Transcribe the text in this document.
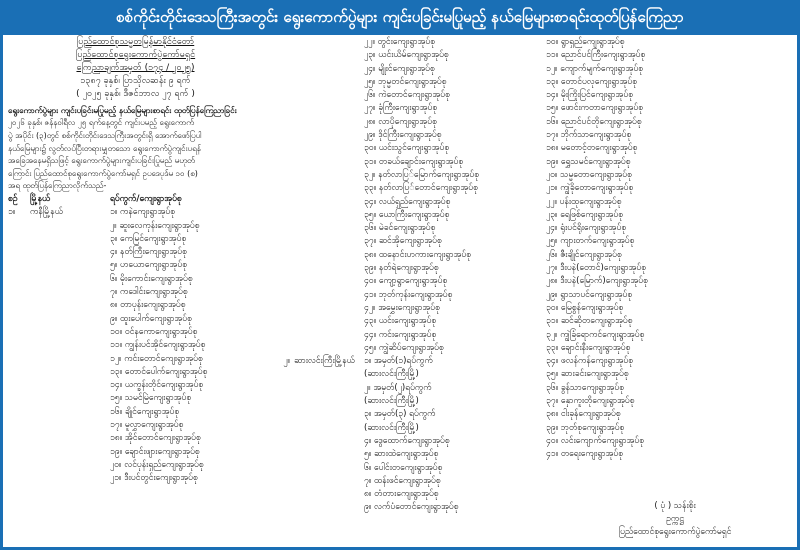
စစ်ကိုင်းတိုင်းဒေသကြီးအတွင်း ရွေးကောက်ပွဲများ ကျင်းပခြင်းမပြုမည့် နယ်မြေများစာရင်းထုတ်ပြန်ကြေညာ
ပြည်ထောင်စုသမ္မတမြန်မာနိုင်ငံတော်
ပြည်ထောင်စုရွေးကောက်ပွဲကော်မရှင်
ကြေညာချက်အမှတ် (၁၇၄ / ၂၀၂၅)
၁၃၈၇ ခုနှစ်၊ ပြာသိုလဆန်း ၉ ရက်
( ၂၀၂၅ ခုနှစ်၊ ဒီဇင်ဘာလ ၂၇ ရက် )
ရွေးကောက်ပွဲများ ကျင်းပခြင်းမပြုမည့် နယ်မြေများစာရင်း ထုတ်ပြန်ကြေညာခြင်း
၂၀၂၆ ခုနှစ်၊ ဇန်နဝါရီလ ၂၅ ရက်နေ့တွင် ကျင်းပမည့် ရွေးကောက်
ပွဲ အပိုင်း (၃)တွင် စစ်ကိုင်းတိုင်းဒေသကြီးအတွင်းရှိ အောက်ဖော်ပြပါ
နယ်မြေများ၌ လွတ်လပ်ပြီးတရားမျှတသော ရွေးကောက်ပွဲကျင်းပရန်
အခြေအနေမရှိသဖြင့် ရွေးကောက်ပွဲများကျင်းပခြင်းပြုမည် မဟုတ်
ကြောင်း ပြည်ထောင်စုရွေးကောက်ပွဲကော်မရှင် ဥပဒေပုဒ်မ ၁၀ (စ)
အရ ထုတ်ပြန်ကြေညာလိုက်သည်-
စဉ်	မြို့နယ်	ရပ်ကွက်/ကျေးရွာအုပ်စု
၁။	ကနီမြို့နယ်	၁။ ကနဲကျေးရွာအုပ်စု
၂။ ဆူးလေကုန်းကျေးရွာအုပ်စု
၃။ ကေမြင်ကျေးရွာအုပ်စု
၄။ နတ်ကြီးကျေးရွာအုပ်စု
၅။ ဟယောကျေးရွာအုပ်စု
၆။ မိုးကောင်းကျေးရွာအုပ်စု
၇။ ကဒေါင်းကျေးရွာအုပ်စု
၈။ တာပုန်းကျေးရွာအုပ်စု
၉။ ထူးပေါက်ကျေးရွာအုပ်စု
၁၀။ ဝင်နကောကျေးရွာအုပ်စု
၁၁။ ကျွန်းပင်အိုင်ကျေးရွာအုပ်စု
၁၂။ ကင်းတောင်ကျေးရွာအုပ်စု
၁၃။ တောင်ပေါက်ကျေးရွာအုပ်စု
၁၄။ ယက္ခန်းတိုင်ကျေးရွာအုပ်စု
၁၅။ သမင်မြဲကျေးရွာအုပ်စု
၁၆။ ချိုင်ကျေးရွာအုပ်စု
၁၇။ မူလွှာကျေးရွာအုပ်စု
၁၈။ အိုင်တောင်ကျေးရွာအုပ်စု
၁၉။ ချောင်းဖျားကျေးရွာအုပ်စု
၂၀။ လင်ပုန်းရှည်ကျေးရွာအုပ်စု
၂၁။ ဒီးပင်တွင်းကျေးရွာအုပ်စု
၂၂။ တွင်းကျေးရွာအုပ်စု
၂၃။ ယင်းယိမ်ကျေးရွာအုပ်စု
၂၄။ မျိုးင်ကျေးရွာအုပ်စု
၂၅။ ဘုမ္မတင်ကျေးရွာအုပ်စု
၂၆။ ကဲတောင်ကျေးရွာအုပ်စု
၂၇။ ခုံကြီးကျေးရွာအုပ်စု
၂၈။ လာပိုကျေးရွာအုပ်စု
၂၉။ ဒိုင်ကြီးကျေးရွာအုပ်စု
၃၀။ ယင်းသွင်ကျေးရွာအုပ်စု
၃၁။ တခယ်ချောင်းကျေးရွာအုပ်စု
၃၂။ နတ်လာပြ်မြောက်ကျေးရွာအုပ်စု
၃၃။ နတ်လာပြ်တောင်ကျေးရွာအုပ်စု
၃၄။ လယ်ရှည်ကျေးရွာအုပ်စု
၃၅။ ယောကြီးကျေးရွာအုပ်စု
၃၆။ မဲခင်ကျေးရွာအုပ်စု
၃၇။ ဆင်အိုကျေးရွာအုပ်စု
၃၈။ ထနောင်းဟကားကျေးရွာအုပ်စု
၃၉။ နတ်ရဲကျေးရွာအုပ်စု
၄၀။ ကျော့ရွာကျေးရွာအုပ်စု
၄၁။ ဘုတ်ကုန်းကျေးရွာအုပ်စု
၄၂။ အမွှေးကျေးရွာအုပ်စု
၄၃။ ယင်းကျေးရွာအုပ်စု
၄၄။ ကင်းကျေးရွာအုပ်စု
၄၅။ ကျွဲဆိပ်ကျေးရွာအုပ်စု
၂။ ဆားလင်းကြီးမြို့နယ်	၁။ အမှတ်(၁)ရပ်ကွက်
(ဆားလင်းကြီးမြို့)
၂။ အမှတ်(၂)ရပ်ကွက်
(ဆားလင်းကြီးမြို့)
၃။ အမှတ်(၃) ရပ်ကွက်
(ဆားလင်းကြီးမြို့)
၄။ ဒွေထောက်ကျေးရွာအုပ်စု
၅။ ဆားထဲကျေးရွာအုပ်စု
၆။ ပေါင်းတကျေးရွာအုပ်စု
၇။ ထန်းဖင်ကျေးရွာအုပ်စု
၈။ တံတားကျေးရွာအုပ်စု
၉။ လက်ပံတောင်ကျေးရွာအုပ်စု
၁၀။ ရွာရှည်ကျေးရွာအုပ်စု
၁၁။ ညောင်ပင်ကြီးကျေးရွာအုပ်စု
၁၂။ ကျောက်မျက်ကျေးရွာအုပ်စု
၁၃။ တောင်ပလုကျေးရွာအုပ်စု
၁၄။ မိုးကြိုးပြင်ကျေးရွာအုပ်စု
၁၅။ ဖောင်းကတာကျေးရွာအုပ်စု
၁၆။ ညောင်ပင်တိုကျေးရွာအုပ်စု
၁၇။ ဘိုက်သာကျေးရွာအုပ်စု
၁၈။ မတောင့်တကျေးရွာအုပ်စု
၁၉။ ရွှေသမင်ကျေးရွာအုပ်စု
၂၀။ သမ္မတောကျေးရွာအုပ်စု
၂၁။ ကျွဲခိုတောကျေးရွာအုပ်စု
၂၂။ ပန်းထုကျေးရွာအုပ်စု
၂၃။ ရေဖြစ်ကျေးရွာအုပ်စု
၂၄။ ရုံးပင်ရိုးကျေးရွာအုပ်စု
၂၅။ ကျားတက်ကျေးရွာအုပ်စု
၂၆။ ဇီးချိုင်ကျေးရွာအုပ်စု
၂၇။ ဒီးပနဲ(တောင်)ကျေးရွာအုပ်စု
၂၈။ ဒီးပနဲ(မြောက်)ကျေးရွာအုပ်စု
၂၉။ ရွာသာပင်ကျေးရွာအုပ်စု
၃၀။ မြေစွန်ကျေးရွာအုပ်စု
၃၁။ ဆင်ဆိုတကျေးရွာအုပ်စု
၃၂။ ကျွဲခြံရောကင်ကျေးရွာအုပ်စု
၃၃။ ချောင်းနီးကျေးရွာအုပ်စု
၃၄။ ဖလန်ကန်ကျေးရွာအုပ်စု
၃၅။ ဆားခင်းကျေးရွာအုပ်စု
၃၆။ ခွန်သာကျေးရွာအုပ်စု
၃၇။ နှောကူးတိုကျေးရွာအုပ်စု
၃၈။ ငါးခုန်ကျေးရွာအုပ်စု
၃၉။ ဘုတ်စုကျေးရွာအုပ်စု
၄၀။ လင်းကျောက်ကျေးရွာအုပ်စု
၄၁။ တရေးကျေးရွာအုပ်စု
( ပုံ ) သန်းစိုး
ဥက္ကဋ္ဌ
ပြည်ထောင်စုရွေးကောက်ပွဲကော်မရှင်
